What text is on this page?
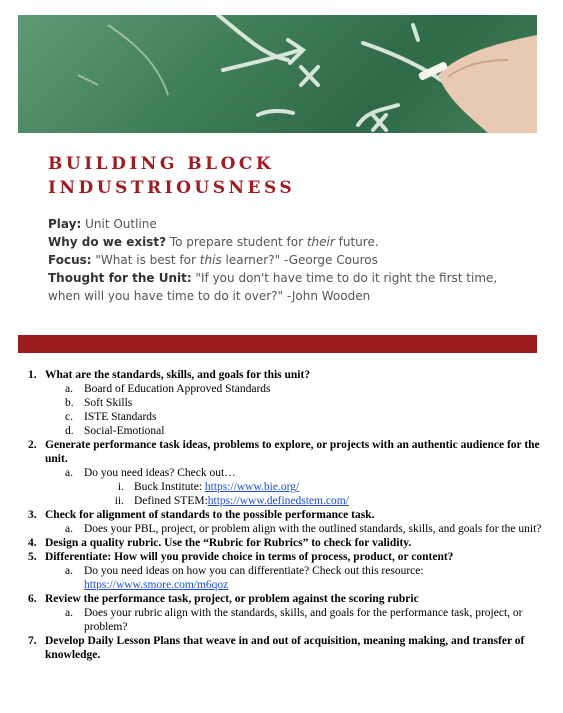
BUILDING BLOCK
INDUSTRIOUSNESS
Play: Unit Outline
Why do we exist? To prepare student for their future.
Focus: "What is best for this learner?" -George Couros
Thought for the Unit: "If you don't have time to do it right the first time, when will you have time to do it over?" -John Wooden
1. What are the standards, skills, and goals for this unit?
a. Board of Education Approved Standards
b. Soft Skills
c. ISTE Standards
d. Social-Emotional
2. Generate performance task ideas, problems to explore, or projects with an authentic audience for the unit.
a. Do you need ideas? Check out…
i. Buck Institute: https://www.bie.org/
ii. Defined STEM:https://www.definedstem.com/
3. Check for alignment of standards to the possible performance task.
a. Does your PBL, project, or problem align with the outlined standards, skills, and goals for the unit?
4. Design a quality rubric. Use the “Rubric for Rubrics” to check for validity.
5. Differentiate: How will you provide choice in terms of process, product, or content?
a. Do you need ideas on how you can differentiate? Check out this resource:
https://www.smore.com/m6qoz
6. Review the performance task, project, or problem against the scoring rubric
a. Does your rubric align with the standards, skills, and goals for the performance task, project, or problem?
7. Develop Daily Lesson Plans that weave in and out of acquisition, meaning making, and transfer of knowledge.
